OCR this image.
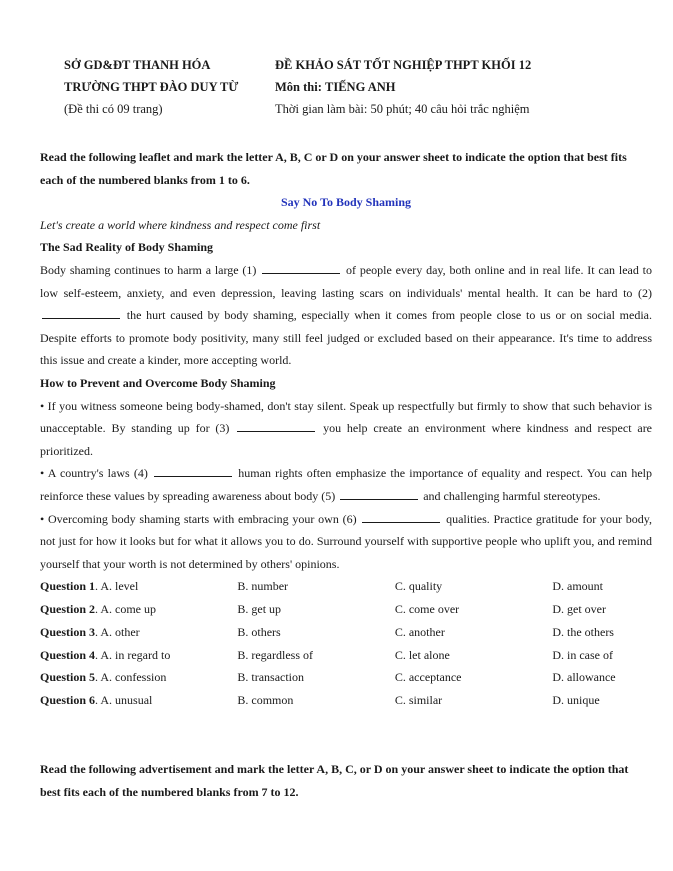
SỞ GD&ĐT THANH HÓA
TRƯỜNG THPT ĐÀO DUY TỪ
(Đề thi có 09 trang)
ĐỀ KHẢO SÁT TỐT NGHIỆP THPT KHỐI 12
Môn thi: TIẾNG ANH
Thời gian làm bài: 50 phút; 40 câu hỏi trắc nghiệm

Read the following leaflet and mark the letter A, B, C or D on your answer sheet to indicate the option that best fits each of the numbered blanks from 1 to 6.

Say No To Body Shaming

Let's create a world where kindness and respect come first

The Sad Reality of Body Shaming

Body shaming continues to harm a large (1)	of people every day, both online and in real life. It can lead to low self-esteem, anxiety, and even depression, leaving lasting scars on individuals' mental health. It can be hard to (2)  the hurt caused by body shaming, especially when it comes from people close to us or on social media. Despite efforts to promote body positivity, many still feel judged or excluded based on their appearance. It's time to address this issue and create a kinder, more accepting world.

How to Prevent and Overcome Body Shaming

• If you witness someone being body-shamed, don't stay silent. Speak up respectfully but firmly to show that such behavior is unacceptable. By standing up for (3)	you help create an environment where kindness and respect are prioritized.

• A country's laws (4)	human rights often emphasize the importance of equality and respect. You can help reinforce these values by spreading awareness about body (5)	and challenging harmful stereotypes.

• Overcoming body shaming starts with embracing your own (6)	qualities. Practice gratitude for your body, not just for how it looks but for what it allows you to do. Surround yourself with supportive people who uplift you, and remind yourself that your worth is not determined by others' opinions.

Question 1. A. level	B. number	C. quality	D. amount
Question 2. A. come up	B. get up	C. come over	D. get over
Question 3. A. other	B. others	C. another	D. the others
Question 4. A. in regard to	B. regardless of	C. let alone	D. in case of
Question 5. A. confession	B. transaction	C. acceptance	D. allowance
Question 6. A. unusual	B. common	C. similar	D. unique

Read the following advertisement and mark the letter A, B, C, or D on your answer sheet to indicate the option that best fits each of the numbered blanks from 7 to 12.
